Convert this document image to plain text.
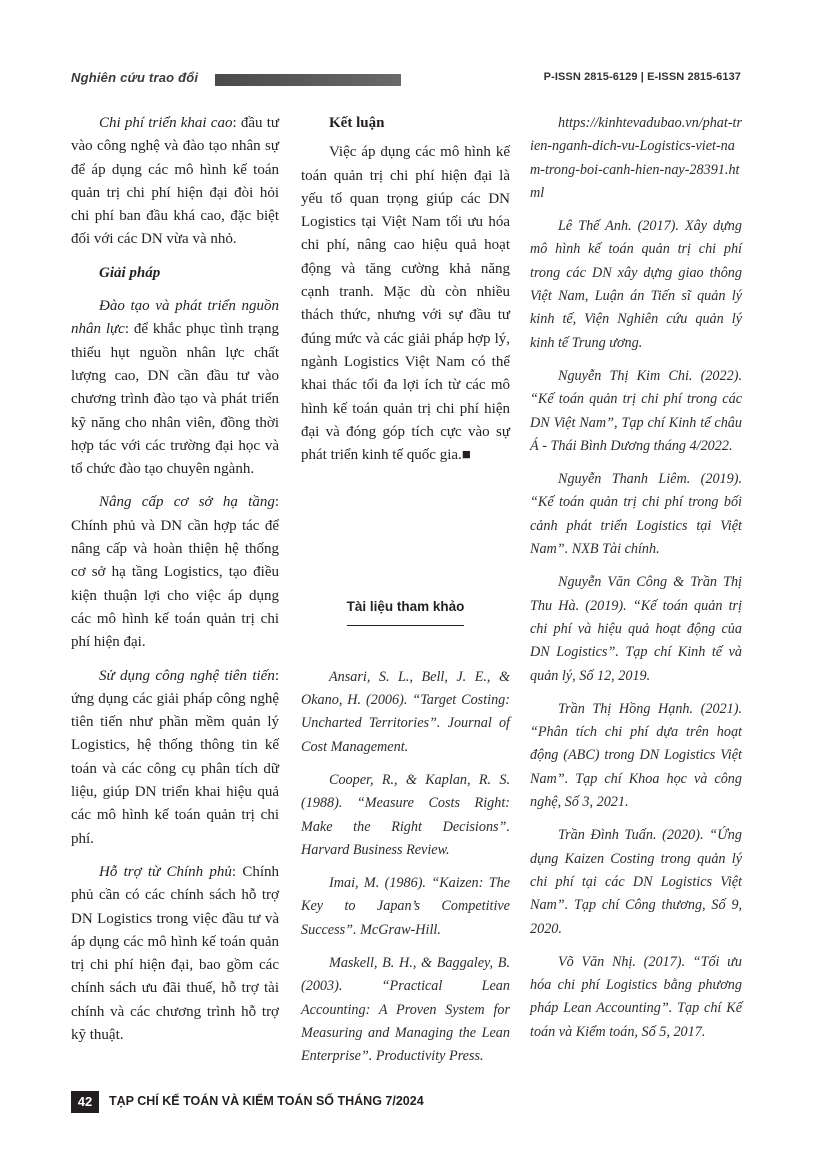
Nghiên cứu trao đổi	P-ISSN 2815-6129 | E-ISSN 2815-6137

Chi phí triển khai cao: đầu tư vào công nghệ và đào tạo nhân sự để áp dụng các mô hình kế toán quản trị chi phí hiện đại đòi hỏi chi phí ban đầu khá cao, đặc biệt đối với các DN vừa và nhỏ.

Giải pháp

Đào tạo và phát triển nguồn nhân lực: để khắc phục tình trạng thiếu hụt nguồn nhân lực chất lượng cao, DN cần đầu tư vào chương trình đào tạo và phát triển kỹ năng cho nhân viên, đồng thời hợp tác với các trường đại học và tổ chức đào tạo chuyên ngành.

Nâng cấp cơ sở hạ tầng: Chính phủ và DN cần hợp tác để nâng cấp và hoàn thiện hệ thống cơ sở hạ tầng Logistics, tạo điều kiện thuận lợi cho việc áp dụng các mô hình kế toán quản trị chi phí hiện đại.

Sử dụng công nghệ tiên tiến: ứng dụng các giải pháp công nghệ tiên tiến như phần mềm quản lý Logistics, hệ thống thông tin kế toán và các công cụ phân tích dữ liệu, giúp DN triển khai hiệu quả các mô hình kế toán quản trị chi phí.

Hỗ trợ từ Chính phủ: Chính phủ cần có các chính sách hỗ trợ DN Logistics trong việc đầu tư và áp dụng các mô hình kế toán quản trị chi phí hiện đại, bao gồm các chính sách ưu đãi thuế, hỗ trợ tài chính và các chương trình hỗ trợ kỹ thuật.

Kết luận

Việc áp dụng các mô hình kế toán quản trị chi phí hiện đại là yếu tố quan trọng giúp các DN Logistics tại Việt Nam tối ưu hóa chi phí, nâng cao hiệu quả hoạt động và tăng cường khả năng cạnh tranh. Mặc dù còn nhiều thách thức, nhưng với sự đầu tư đúng mức và các giải pháp hợp lý, ngành Logistics Việt Nam có thể khai thác tối đa lợi ích từ các mô hình kế toán quản trị chi phí hiện đại và đóng góp tích cực vào sự phát triển kinh tế quốc gia.■

Tài liệu tham khảo

Ansari, S. L., Bell, J. E., & Okano, H. (2006). “Target Costing: Uncharted Territories”. Journal of Cost Management.

Cooper, R., & Kaplan, R. S. (1988). “Measure Costs Right: Make the Right Decisions”. Harvard Business Review.

Imai, M. (1986). “Kaizen: The Key to Japan’s Competitive Success”. McGraw-Hill.

Maskell, B. H., & Baggaley, B. (2003). “Practical Lean Accounting: A Proven System for Measuring and Managing the Lean Enterprise”. Productivity Press.

https://kinhtevadubao.vn/phat-trien-nganh-dich-vu-Logistics-viet-nam-trong-boi-canh-hien-nay-28391.html

Lê Thế Anh. (2017). Xây dựng mô hình kế toán quản trị chi phí trong các DN xây dựng giao thông Việt Nam, Luận án Tiến sĩ quản lý kinh tế, Viện Nghiên cứu quản lý kinh tế Trung ương.

Nguyễn Thị Kim Chi. (2022). “Kế toán quản trị chi phí trong các DN Việt Nam”, Tạp chí Kinh tế châu Á - Thái Bình Dương tháng 4/2022.

Nguyễn Thanh Liêm. (2019). “Kế toán quản trị chi phí trong bối cảnh phát triển Logistics tại Việt Nam”. NXB Tài chính.

Nguyễn Văn Công & Trần Thị Thu Hà. (2019). “Kế toán quản trị chi phí và hiệu quả hoạt động của DN Logistics”. Tạp chí Kinh tế và quản lý, Số 12, 2019.

Trần Thị Hồng Hạnh. (2021). “Phân tích chi phí dựa trên hoạt động (ABC) trong DN Logistics Việt Nam”. Tạp chí Khoa học và công nghệ, Số 3, 2021.

Trần Đình Tuấn. (2020). “Ứng dụng Kaizen Costing trong quản lý chi phí tại các DN Logistics Việt Nam”. Tạp chí Công thương, Số 9, 2020.

Võ Văn Nhị. (2017). “Tối ưu hóa chi phí Logistics bằng phương pháp Lean Accounting”. Tạp chí Kế toán và Kiểm toán, Số 5, 2017.

42	TẠP CHÍ KẾ TOÁN VÀ KIỂM TOÁN SỐ THÁNG 7/2024
